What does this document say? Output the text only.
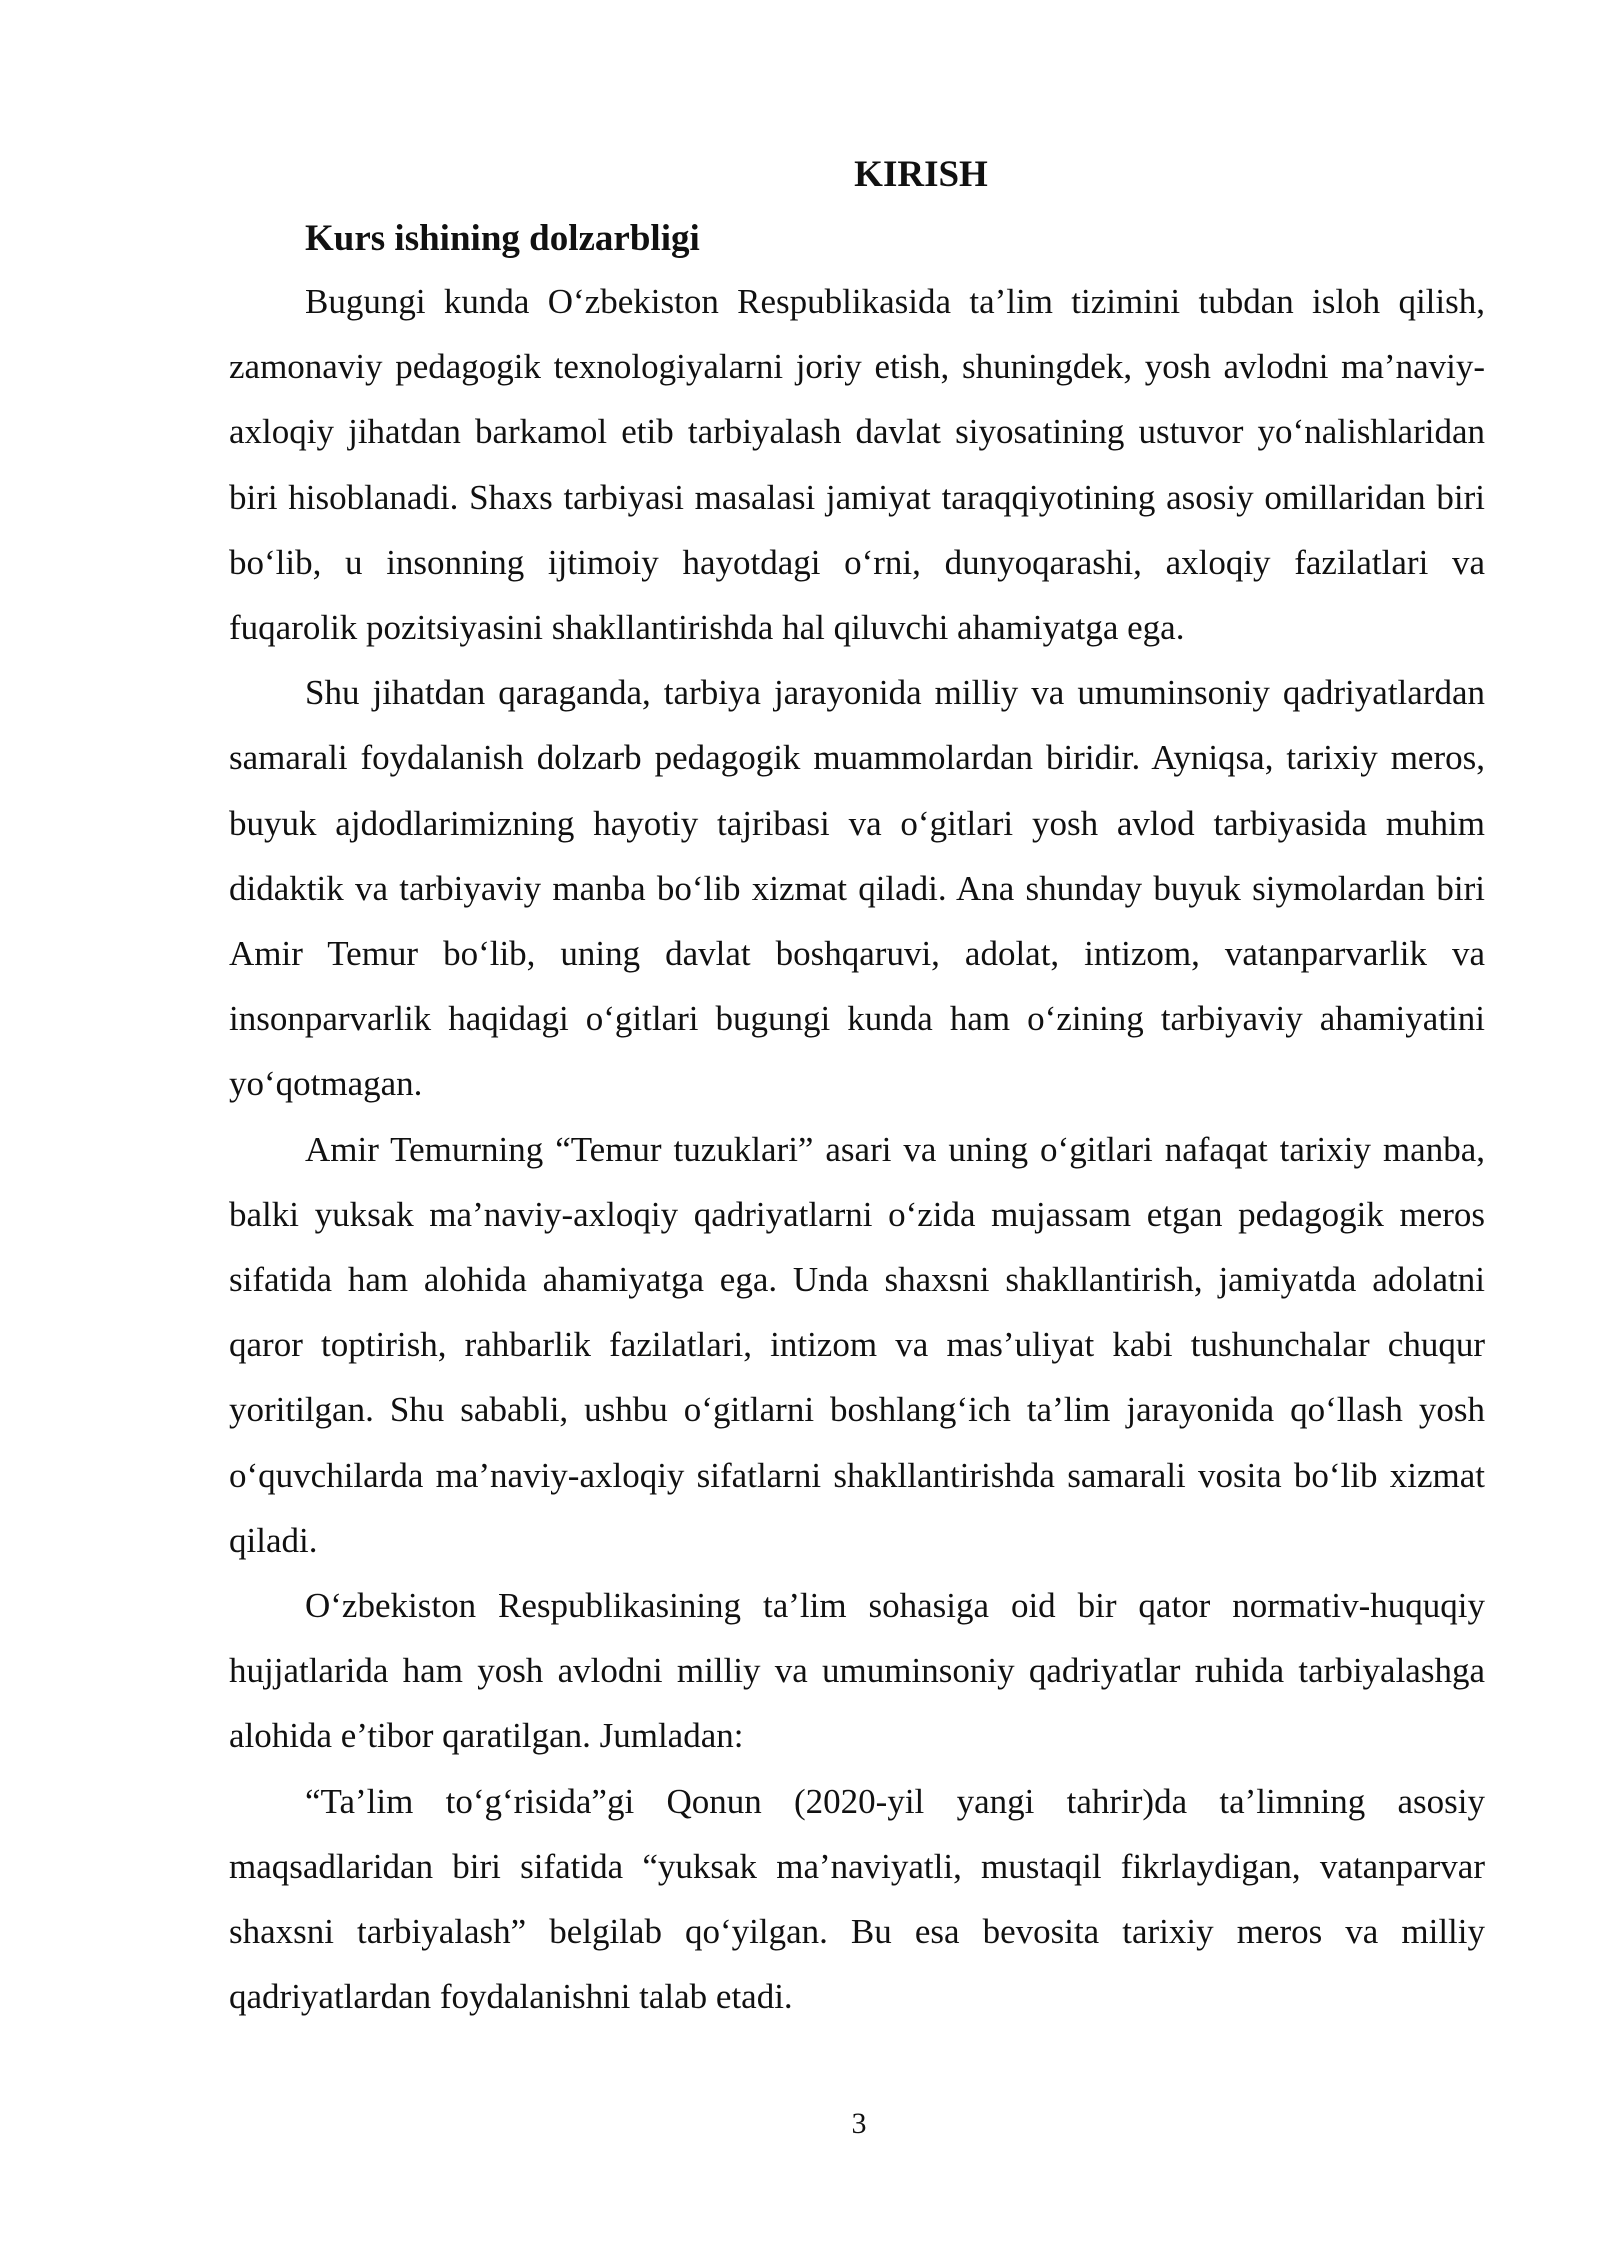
KIRISH
Kurs ishining dolzarbligi

Bugungi kunda O‘zbekiston Respublikasida ta’lim tizimini tubdan isloh qilish, zamonaviy pedagogik texnologiyalarni joriy etish, shuningdek, yosh avlodni ma’naviy-axloqiy jihatdan barkamol etib tarbiyalash davlat siyosatining ustuvor yo‘nalishlaridan biri hisoblanadi. Shaxs tarbiyasi masalasi jamiyat taraqqiyotining asosiy omillaridan biri bo‘lib, u insonning ijtimoiy hayotdagi o‘rni, dunyoqarashi, axloqiy fazilatlari va fuqarolik pozitsiyasini shakllantirishda hal qiluvchi ahamiyatga ega.

Shu jihatdan qaraganda, tarbiya jarayonida milliy va umuminsoniy qadriyatlardan samarali foydalanish dolzarb pedagogik muammolardan biridir. Ayniqsa, tarixiy meros, buyuk ajdodlarimizning hayotiy tajribasi va o‘gitlari yosh avlod tarbiyasida muhim didaktik va tarbiyaviy manba bo‘lib xizmat qiladi. Ana shunday buyuk siymolardan biri Amir Temur bo‘lib, uning davlat boshqaruvi, adolat, intizom, vatanparvarlik va insonparvarlik haqidagi o‘gitlari bugungi kunda ham o‘zining tarbiyaviy ahamiyatini yo‘qotmagan.

Amir Temurning “Temur tuzuklari” asari va uning o‘gitlari nafaqat tarixiy manba, balki yuksak ma’naviy-axloqiy qadriyatlarni o‘zida mujassam etgan pedagogik meros sifatida ham alohida ahamiyatga ega. Unda shaxsni shakllantirish, jamiyatda adolatni qaror toptirish, rahbarlik fazilatlari, intizom va mas’uliyat kabi tushunchalar chuqur yoritilgan. Shu sababli, ushbu o‘gitlarni boshlang‘ich ta’lim jarayonida qo‘llash yosh o‘quvchilarda ma’naviy-axloqiy sifatlarni shakllantirishda samarali vosita bo‘lib xizmat qiladi.

O‘zbekiston Respublikasining ta’lim sohasiga oid bir qator normativ-huquqiy hujjatlarida ham yosh avlodni milliy va umuminsoniy qadriyatlar ruhida tarbiyalashga alohida e’tibor qaratilgan. Jumladan:

“Ta’lim to‘g‘risida”gi Qonun (2020-yil yangi tahrir)da ta’limning asosiy maqsadlaridan biri sifatida “yuksak ma’naviyatli, mustaqil fikrlaydigan, vatanparvar shaxsni tarbiyalash” belgilab qo‘yilgan. Bu esa bevosita tarixiy meros va milliy qadriyatlardan foydalanishni talab etadi.

3
